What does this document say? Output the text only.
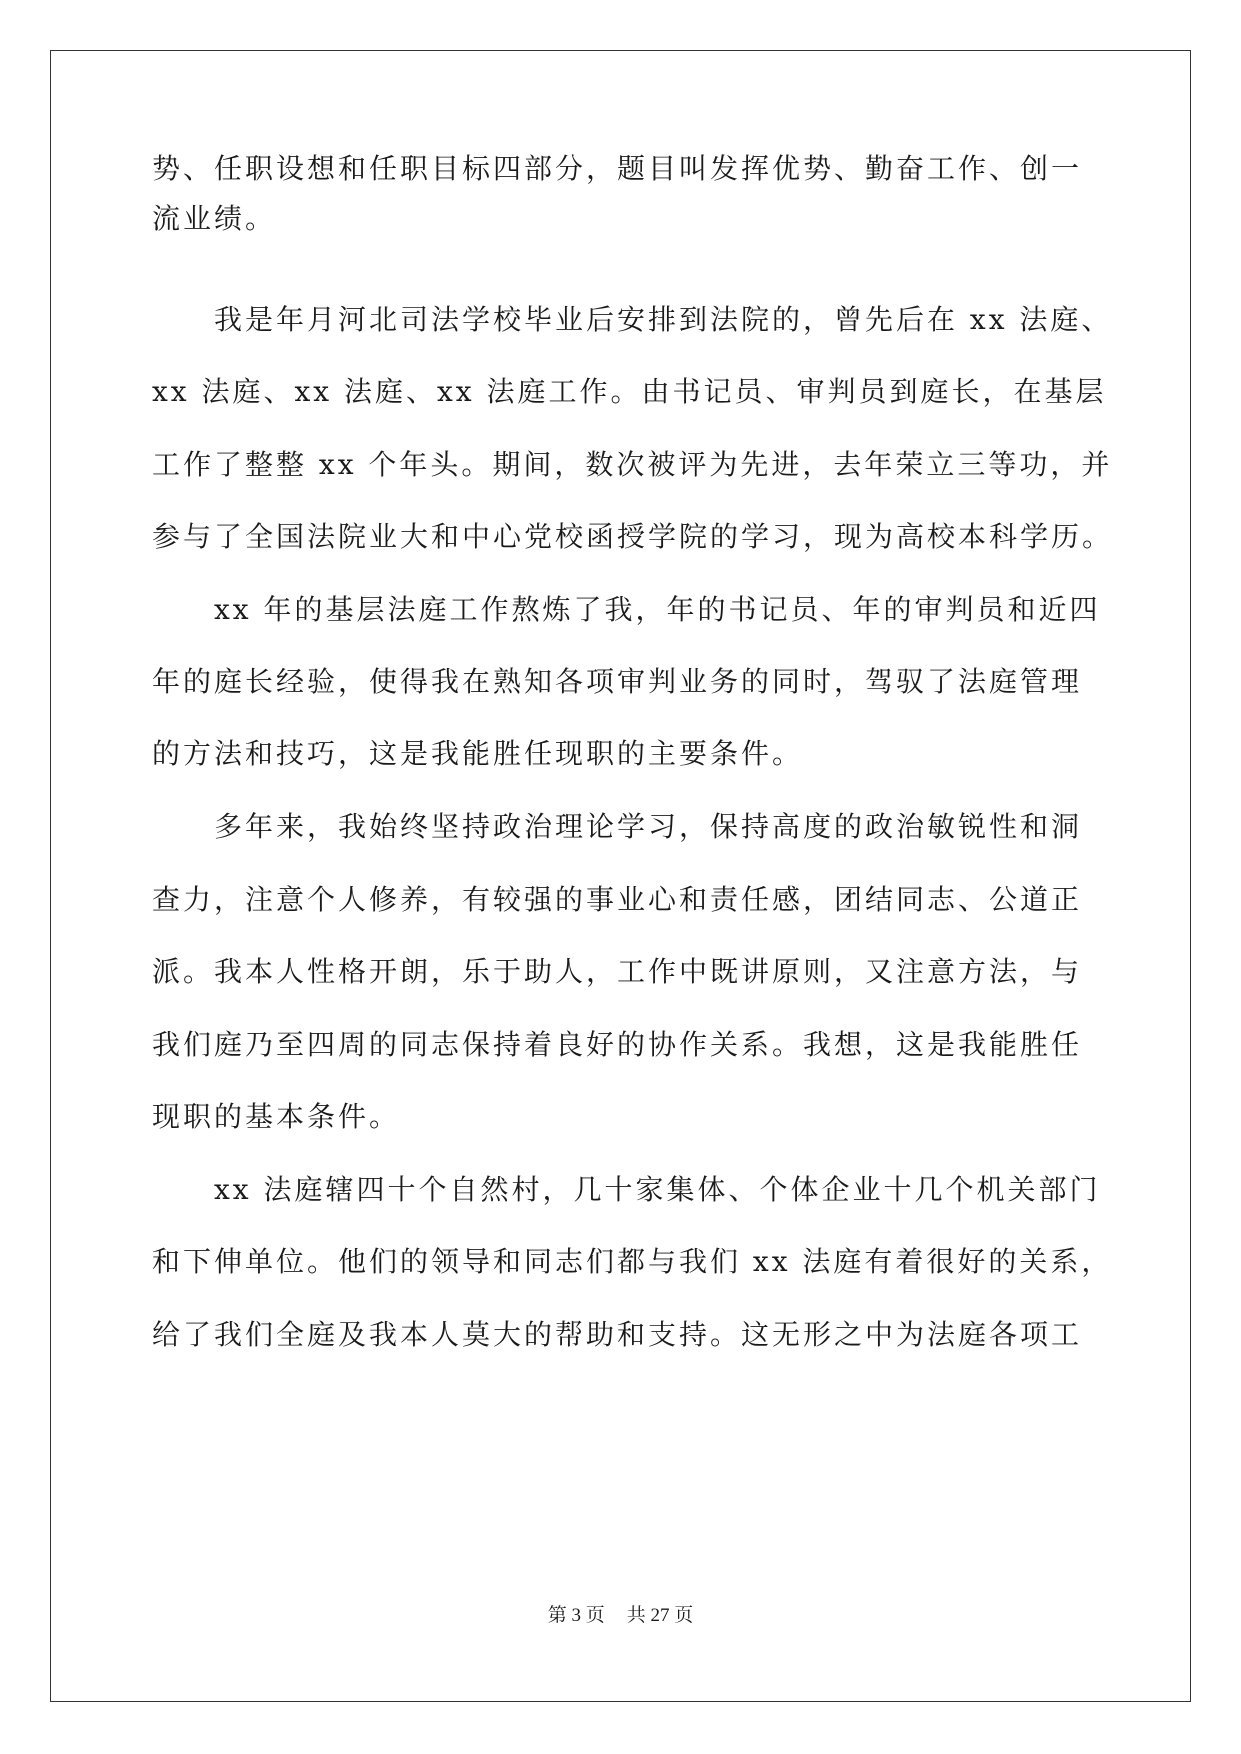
势、任职设想和任职目标四部分，题目叫发挥优势、勤奋工作、创一
流业绩。
　　我是年月河北司法学校毕业后安排到法院的，曾先后在 xx 法庭、
xx 法庭、xx 法庭、xx 法庭工作。由书记员、审判员到庭长，在基层
工作了整整 xx 个年头。期间，数次被评为先进，去年荣立三等功，并
参与了全国法院业大和中心党校函授学院的学习，现为高校本科学历。
　　xx 年的基层法庭工作熬炼了我，年的书记员、年的审判员和近四
年的庭长经验，使得我在熟知各项审判业务的同时，驾驭了法庭管理
的方法和技巧，这是我能胜任现职的主要条件。
　　多年来，我始终坚持政治理论学习，保持高度的政治敏锐性和洞
查力，注意个人修养，有较强的事业心和责任感，团结同志、公道正
派。我本人性格开朗，乐于助人，工作中既讲原则，又注意方法，与
我们庭乃至四周的同志保持着良好的协作关系。我想，这是我能胜任
现职的基本条件。
　　xx 法庭辖四十个自然村，几十家集体、个体企业十几个机关部门
和下伸单位。他们的领导和同志们都与我们 xx 法庭有着很好的关系，
给了我们全庭及我本人莫大的帮助和支持。这无形之中为法庭各项工
第 3 页 共 27 页
